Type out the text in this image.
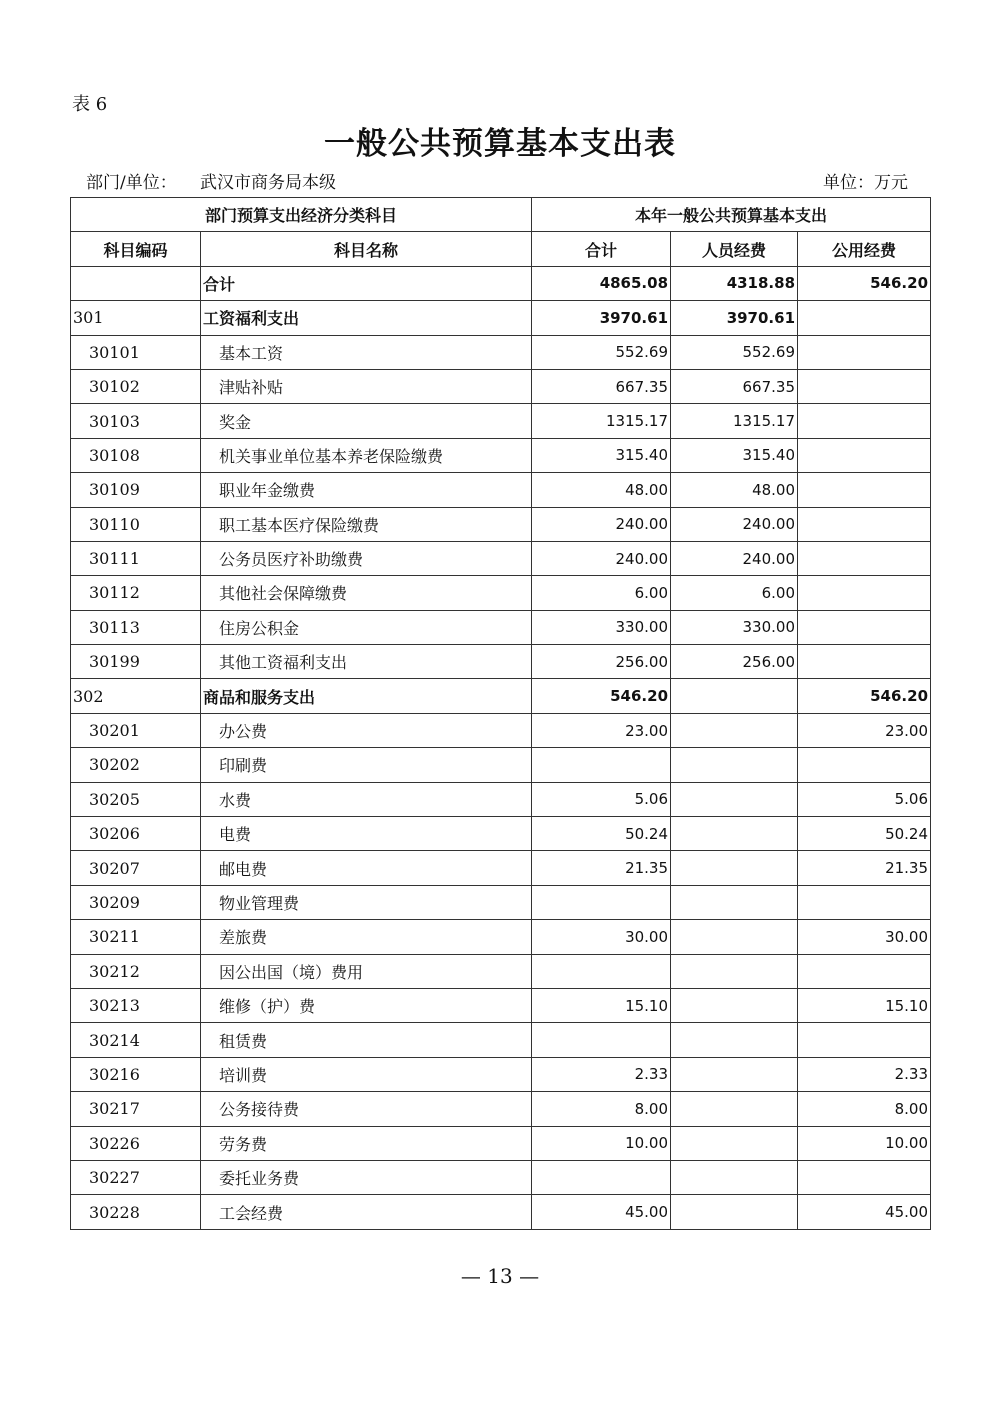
表 6
一般公共预算基本支出表
部门/单位： 武汉市商务局本级	单位：万元
部门预算支出经济分类科目		本年一般公共预算基本支出		
科目编码	科目名称	合计	人员经费	公用经费
	合计	4865.08	4318.88	546.20
301	工资福利支出	3970.61	3970.61	
30101	基本工资	552.69	552.69	
30102	津贴补贴	667.35	667.35	
30103	奖金	1315.17	1315.17	
30108	机关事业单位基本养老保险缴费	315.40	315.40	
30109	职业年金缴费	48.00	48.00	
30110	职工基本医疗保险缴费	240.00	240.00	
30111	公务员医疗补助缴费	240.00	240.00	
30112	其他社会保障缴费	6.00	6.00	
30113	住房公积金	330.00	330.00	
30199	其他工资福利支出	256.00	256.00	
302	商品和服务支出	546.20		546.20
30201	办公费	23.00		23.00
30202	印刷费			
30205	水费	5.06		5.06
30206	电费	50.24		50.24
30207	邮电费	21.35		21.35
30209	物业管理费			
30211	差旅费	30.00		30.00
30212	因公出国（境）费用			
30213	维修（护）费	15.10		15.10
30214	租赁费			
30216	培训费	2.33		2.33
30217	公务接待费	8.00		8.00
30226	劳务费	10.00		10.00
30227	委托业务费			
30228	工会经费	45.00		45.00
— 13 —
